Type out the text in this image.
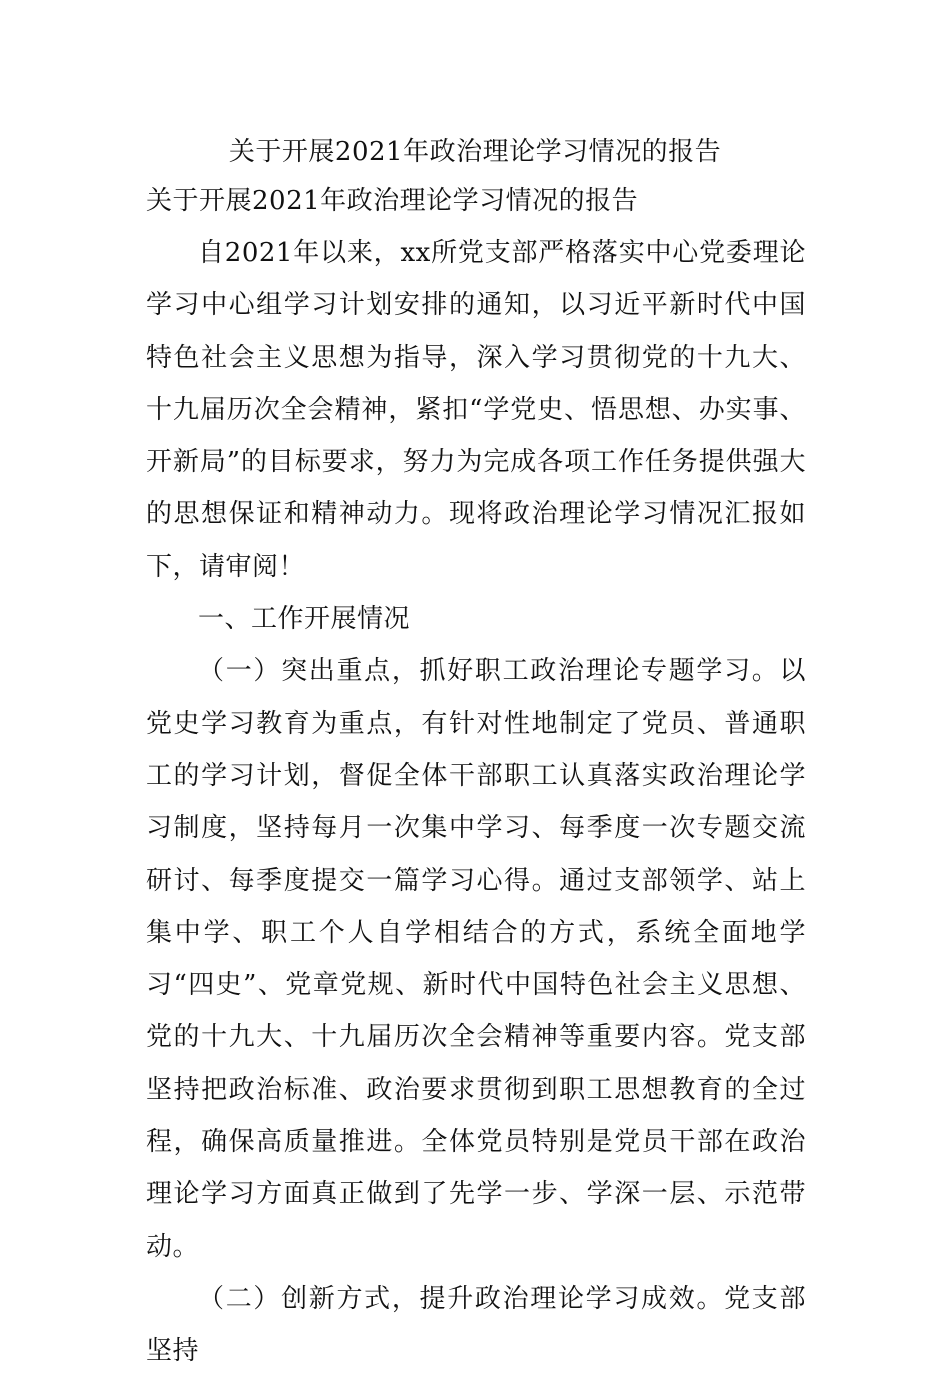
关于开展2021年政治理论学习情况的报告
关于开展2021年政治理论学习情况的报告

自2021年以来，xx所党支部严格落实中心党委理论学习中心组学习计划安排的通知，以习近平新时代中国特色社会主义思想为指导，深入学习贯彻党的十九大、十九届历次全会精神，紧扣“学党史、悟思想、办实事、开新局”的目标要求，努力为完成各项工作任务提供强大的思想保证和精神动力。现将政治理论学习情况汇报如下，请审阅！

一、工作开展情况

（一）突出重点，抓好职工政治理论专题学习。以党史学习教育为重点，有针对性地制定了党员、普通职工的学习计划，督促全体干部职工认真落实政治理论学习制度，坚持每月一次集中学习、每季度一次专题交流研讨、每季度提交一篇学习心得。通过支部领学、站上集中学、职工个人自学相结合的方式，系统全面地学习“四史”、党章党规、新时代中国特色社会主义思想、党的十九大、十九届历次全会精神等重要内容。党支部坚持把政治标准、政治要求贯彻到职工思想教育的全过程，确保高质量推进。全体党员特别是党员干部在政治理论学习方面真正做到了先学一步、学深一层、示范带动。

（二）创新方式，提升政治理论学习成效。党支部坚持
